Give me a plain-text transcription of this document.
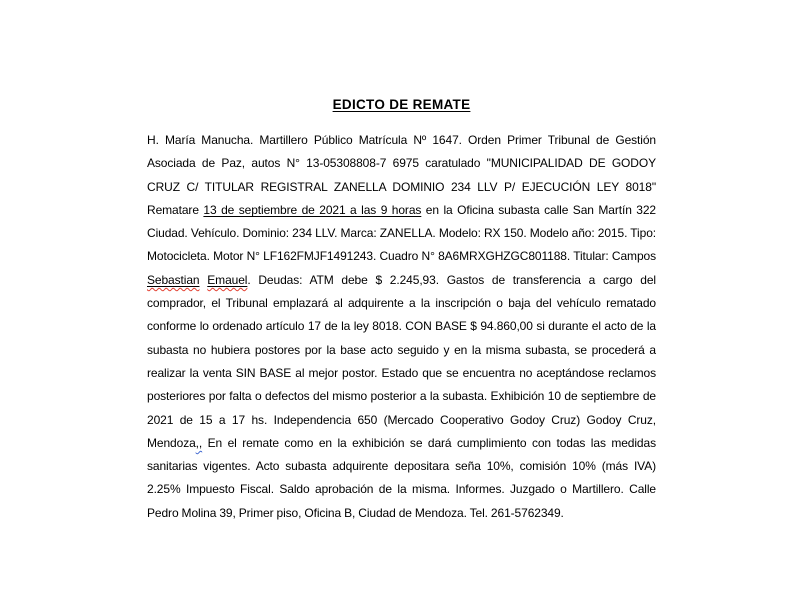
EDICTO DE REMATE

H. María Manucha. Martillero Público Matrícula Nº 1647. Orden Primer Tribunal de Gestión Asociada de Paz, autos N° 13-05308808-7 6975 caratulado "MUNICIPALIDAD DE GODOY CRUZ C/ TITULAR REGISTRAL ZANELLA DOMINIO 234 LLV P/ EJECUCIÓN LEY 8018" Rematare 13 de septiembre de 2021 a las 9 horas en la Oficina subasta calle San Martín 322 Ciudad. Vehículo. Dominio: 234 LLV. Marca: ZANELLA. Modelo: RX 150. Modelo año: 2015. Tipo: Motocicleta. Motor N° LF162FMJF1491243. Cuadro N° 8A6MRXGHZGC801188. Titular: Campos Sebastian Emauel. Deudas: ATM debe $ 2.245,93. Gastos de transferencia a cargo del comprador, el Tribunal emplazará al adquirente a la inscripción o baja del vehículo rematado conforme lo ordenado artículo 17 de la ley 8018. CON BASE $ 94.860,00 si durante el acto de la subasta no hubiera postores por la base acto seguido y en la misma subasta, se procederá a realizar la venta SIN BASE al mejor postor. Estado que se encuentra no aceptándose reclamos posteriores por falta o defectos del mismo posterior a la subasta. Exhibición 10 de septiembre de 2021 de 15 a 17 hs. Independencia 650 (Mercado Cooperativo Godoy Cruz) Godoy Cruz, Mendoza,, En el remate como en la exhibición se dará cumplimiento con todas las medidas sanitarias vigentes. Acto subasta adquirente depositara seña 10%, comisión 10% (más IVA) 2.25% Impuesto Fiscal. Saldo aprobación de la misma. Informes. Juzgado o Martillero. Calle Pedro Molina 39, Primer piso, Oficina B, Ciudad de Mendoza. Tel. 261-5762349.
